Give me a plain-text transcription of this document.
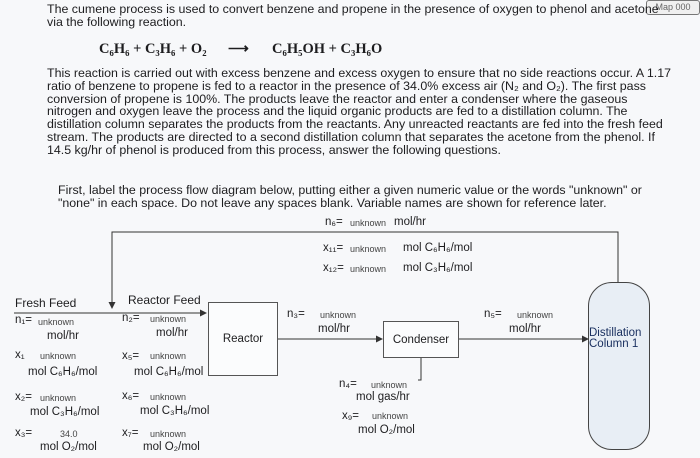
Map 000
The cumene process is used to convert benzene and propene in the presence of oxygen to phenol and acetone via the following reaction.
C₆H₆ + C₃H₆ + O₂ ⟶ C₆H₅OH + C₃H₆O
This reaction is carried out with excess benzene and excess oxygen to ensure that no side reactions occur. A 1.17 ratio of benzene to propene is fed to a reactor in the presence of 34.0% excess air (N₂ and O₂). The first pass conversion of propene is 100%. The products leave the reactor and enter a condenser where the gaseous nitrogen and oxygen leave the process and the liquid organic products are fed to a distillation column. The distillation column separates the products from the reactants. Any unreacted reactants are fed into the fresh feed stream. The products are directed to a second distillation column that separates the acetone from the phenol. If 14.5 kg/hr of phenol is produced from this process, answer the following questions.
First, label the process flow diagram below, putting either a given numeric value or the words "unknown" or "none" in each space. Do not leave any spaces blank. Variable names are shown for reference later.
n₆= unknown mol/hr
x₁₁= unknown mol C₆H₆/mol
x₁₂= unknown mol C₃H₆/mol
Fresh Feed
n₁= unknown
mol/hr
x₁ unknown
mol C₆H₆/mol
x₂= unknown
mol C₃H₆/mol
x₃=	34.0
mol O₂/mol
Reactor Feed
n₂= unknown
mol/hr
x₅= unknown
mol C₆H₆/mol
x₆= unknown
mol C₃H₆/mol
x₇= unknown
mol O₂/mol
Reactor
n₃= unknown
mol/hr
Condenser
n₄= unknown
mol gas/hr
x₉= unknown
mol O₂/mol
n₅= unknown
mol/hr	Distillation Column 1
